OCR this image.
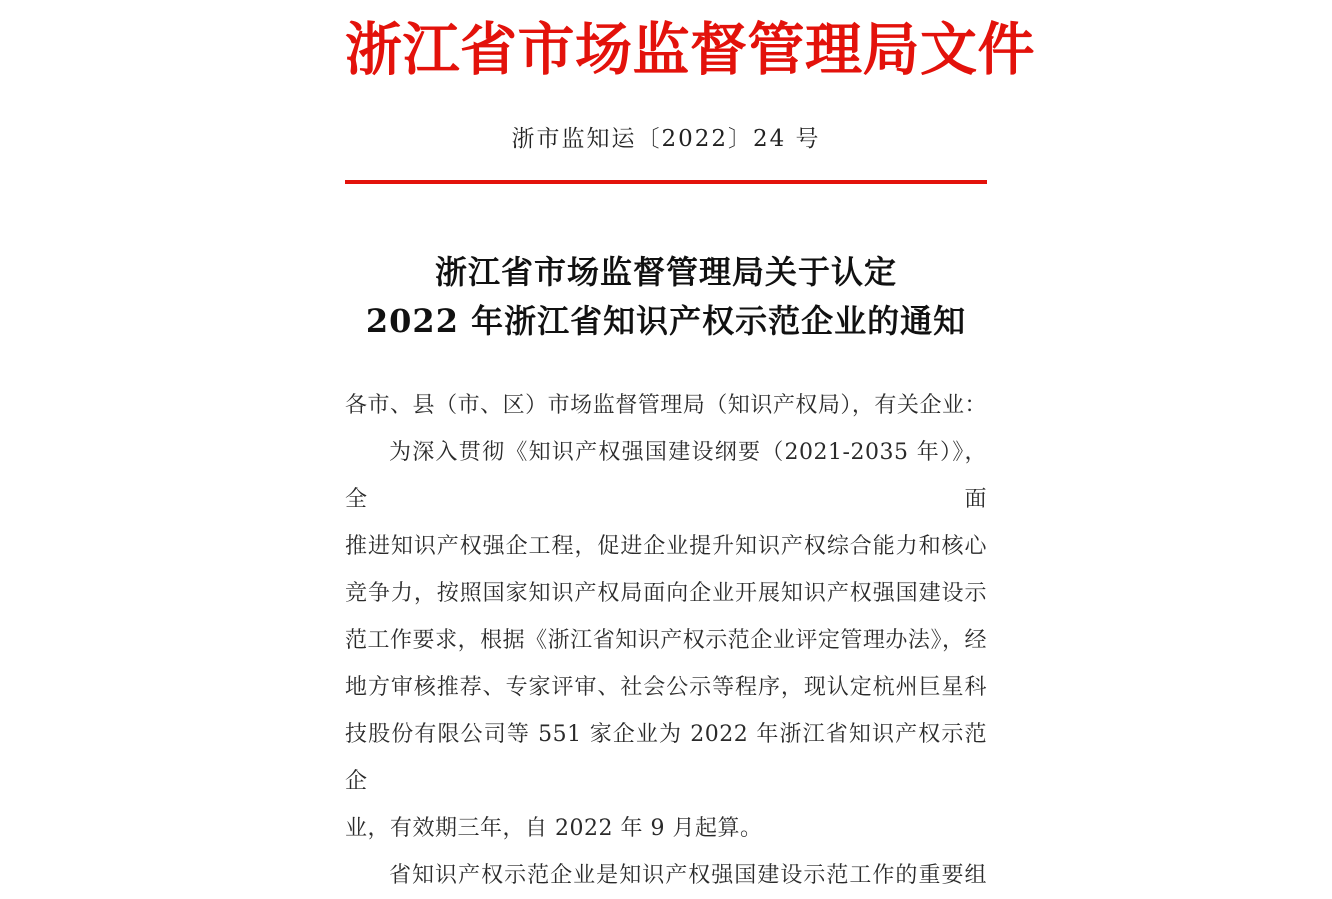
浙江省市场监督管理局文件
浙市监知运〔2022〕24 号
浙江省市场监督管理局关于认定
2022 年浙江省知识产权示范企业的通知
各市、县（市、区）市场监督管理局（知识产权局），有关企业：
为深入贯彻《知识产权强国建设纲要（2021-2035 年）》，全面
推进知识产权强企工程，促进企业提升知识产权综合能力和核心
竞争力，按照国家知识产权局面向企业开展知识产权强国建设示
范工作要求，根据《浙江省知识产权示范企业评定管理办法》，经
地方审核推荐、专家评审、社会公示等程序，现认定杭州巨星科
技股份有限公司等 551 家企业为 2022 年浙江省知识产权示范企
业，有效期三年，自 2022 年 9 月起算。
省知识产权示范企业是知识产权强国建设示范工作的重要组
